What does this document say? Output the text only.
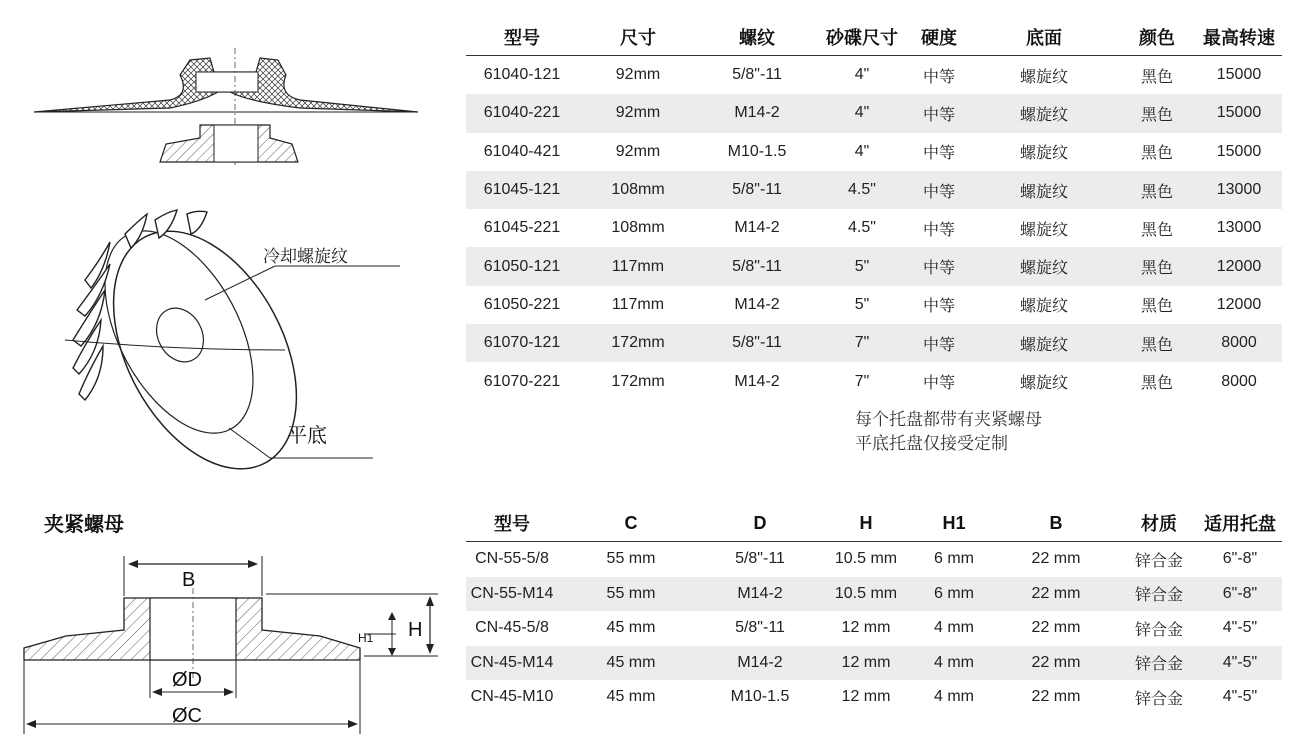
冷却螺旋纹
平底
夹紧螺母
B
H
H1
ØD
ØC
型号	尺寸	螺纹	砂碟尺寸	硬度	底面	颜色	最高转速
61040-121	92mm	5/8"-11	4"	中等	螺旋纹	黑色	15000
61040-221	92mm	M14-2	4"	中等	螺旋纹	黑色	15000
61040-421	92mm	M10-1.5	4"	中等	螺旋纹	黑色	15000
61045-121	108mm	5/8"-11	4.5"	中等	螺旋纹	黑色	13000
61045-221	108mm	M14-2	4.5"	中等	螺旋纹	黑色	13000
61050-121	117mm	5/8"-11	5"	中等	螺旋纹	黑色	12000
61050-221	117mm	M14-2	5"	中等	螺旋纹	黑色	12000
61070-121	172mm	5/8"-11	7"	中等	螺旋纹	黑色	8000
61070-221	172mm	M14-2	7"	中等	螺旋纹	黑色	8000
每个托盘都带有夹紧螺母
平底托盘仅接受定制
型号	C	D	H	H1	B	材质	适用托盘
CN-55-5/8	55 mm	5/8"-11	10.5 mm	6 mm	22 mm	锌合金	6"-8"
CN-55-M14	55 mm	M14-2	10.5 mm	6 mm	22 mm	锌合金	6"-8"
CN-45-5/8	45 mm	5/8"-11	12 mm	4 mm	22 mm	锌合金	4"-5"
CN-45-M14	45 mm	M14-2	12 mm	4 mm	22 mm	锌合金	4"-5"
CN-45-M10	45 mm	M10-1.5	12 mm	4 mm	22 mm	锌合金	4"-5"
